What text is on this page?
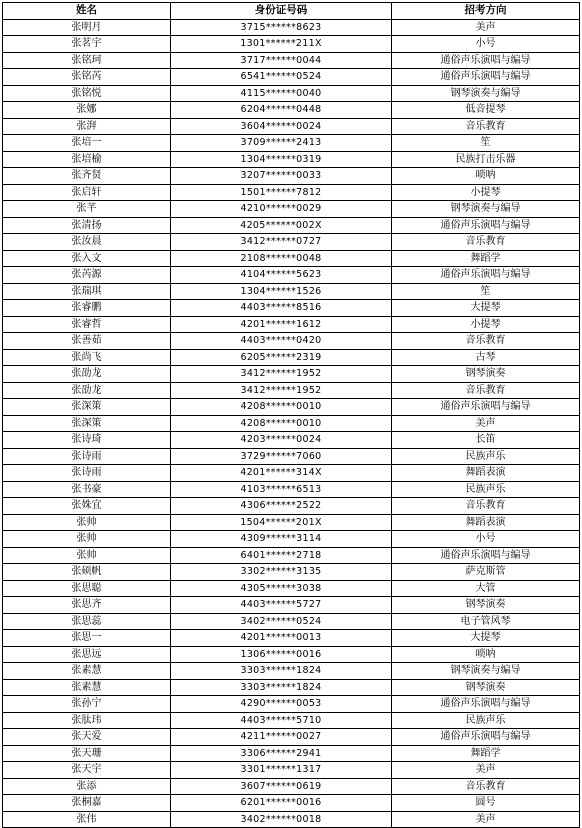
姓名	身份证号码	招考方向
张明月	3715******8623	美声
张茗宇	1301******211X	小号
张铭珂	3717******0044	通俗声乐演唱与编导
张铭芮	6541******0524	通俗声乐演唱与编导
张铭悦	4115******0040	钢琴演奏与编导
张娜	6204******0448	低音提琴
张湃	3604******0024	音乐教育
张培一	3709******2413	笙
张培榆	1304******0319	民族打击乐器
张齐贤	3207******0033	唢呐
张启轩	1501******7812	小提琴
张芊	4210******0029	钢琴演奏与编导
张清扬	4205******002X	通俗声乐演唱与编导
张汝晨	3412******0727	音乐教育
张入文	2108******0048	舞蹈学
张芮源	4104******5623	通俗声乐演唱与编导
张瑞琪	1304******1526	笙
张睿鹏	4403******8516	大提琴
张睿哲	4201******1612	小提琴
张善茹	4403******0420	音乐教育
张尚飞	6205******2319	古琴
张劭龙	3412******1952	钢琴演奏
张劭龙	3412******1952	音乐教育
张深策	4208******0010	通俗声乐演唱与编导
张深策	4208******0010	美声
张诗琦	4203******0024	长笛
张诗雨	3729******7060	民族声乐
张诗雨	4201******314X	舞蹈表演
张书豪	4103******6513	民族声乐
张姝宜	4306******2522	音乐教育
张帅	1504******201X	舞蹈表演
张帅	4309******3114	小号
张帅	6401******2718	通俗声乐演唱与编导
张硕帆	3302******3135	萨克斯管
张思聪	4305******3038	大管
张思齐	4403******5727	钢琴演奏
张思蕊	3402******0524	电子管风琴
张思一	4201******0013	大提琴
张思远	1306******0016	唢呐
张素慧	3303******1824	钢琴演奏与编导
张素慧	3303******1824	钢琴演奏
张孙宁	4290******0053	通俗声乐演唱与编导
张肽玮	4403******5710	民族声乐
张天爱	4211******0027	通俗声乐演唱与编导
张天珊	3306******2941	舞蹈学
张天宇	3301******1317	美声
张添	3607******0619	音乐教育
张桐嘉	6201******0016	圆号
张伟	3402******0018	美声
